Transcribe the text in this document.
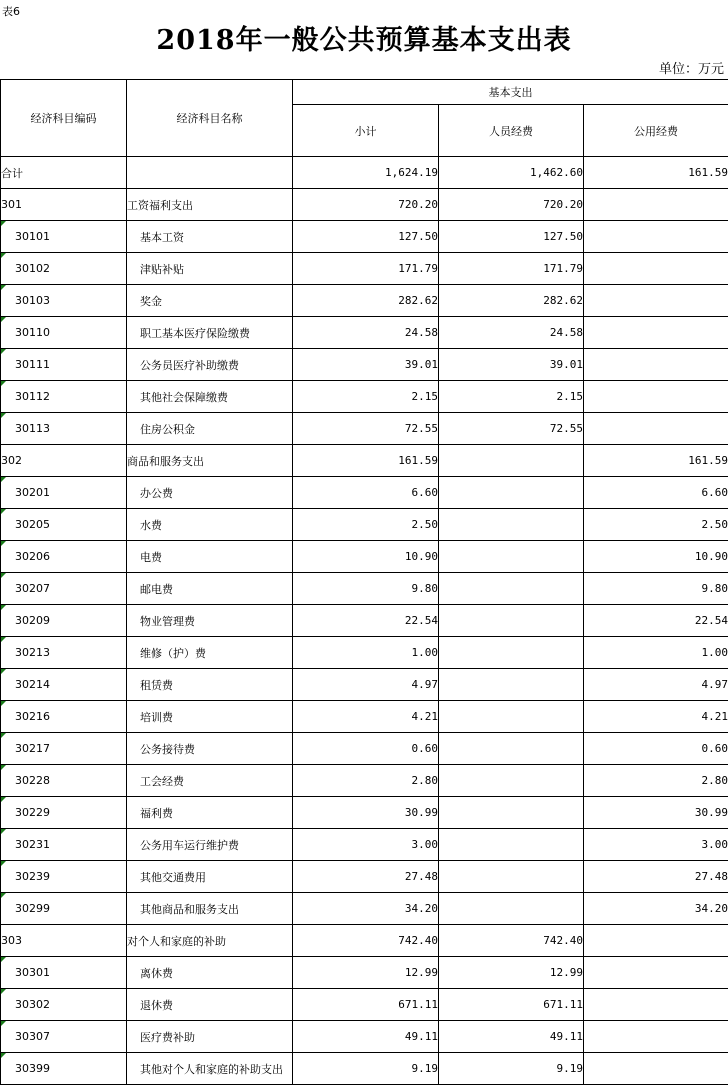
表6
2018年一般公共预算基本支出表
单位：万元
经济科目编码	经济科目名称	基本支出		
		小计	人员经费	公用经费
合计		1,624.19	1,462.60	161.59
301	工资福利支出	720.20	720.20	
30101	基本工资	127.50	127.50	
30102	津贴补贴	171.79	171.79	
30103	奖金	282.62	282.62	
30110	职工基本医疗保险缴费	24.58	24.58	
30111	公务员医疗补助缴费	39.01	39.01	
30112	其他社会保障缴费	2.15	2.15	
30113	住房公积金	72.55	72.55	
302	商品和服务支出	161.59		161.59
30201	办公费	6.60		6.60
30205	水费	2.50		2.50
30206	电费	10.90		10.90
30207	邮电费	9.80		9.80
30209	物业管理费	22.54		22.54
30213	维修（护）费	1.00		1.00
30214	租赁费	4.97		4.97
30216	培训费	4.21		4.21
30217	公务接待费	0.60		0.60
30228	工会经费	2.80		2.80
30229	福利费	30.99		30.99
30231	公务用车运行维护费	3.00		3.00
30239	其他交通费用	27.48		27.48
30299	其他商品和服务支出	34.20		34.20
303	对个人和家庭的补助	742.40	742.40	
30301	离休费	12.99	12.99	
30302	退休费	671.11	671.11	
30307	医疗费补助	49.11	49.11	
30399	其他对个人和家庭的补助支出	9.19	9.19	
